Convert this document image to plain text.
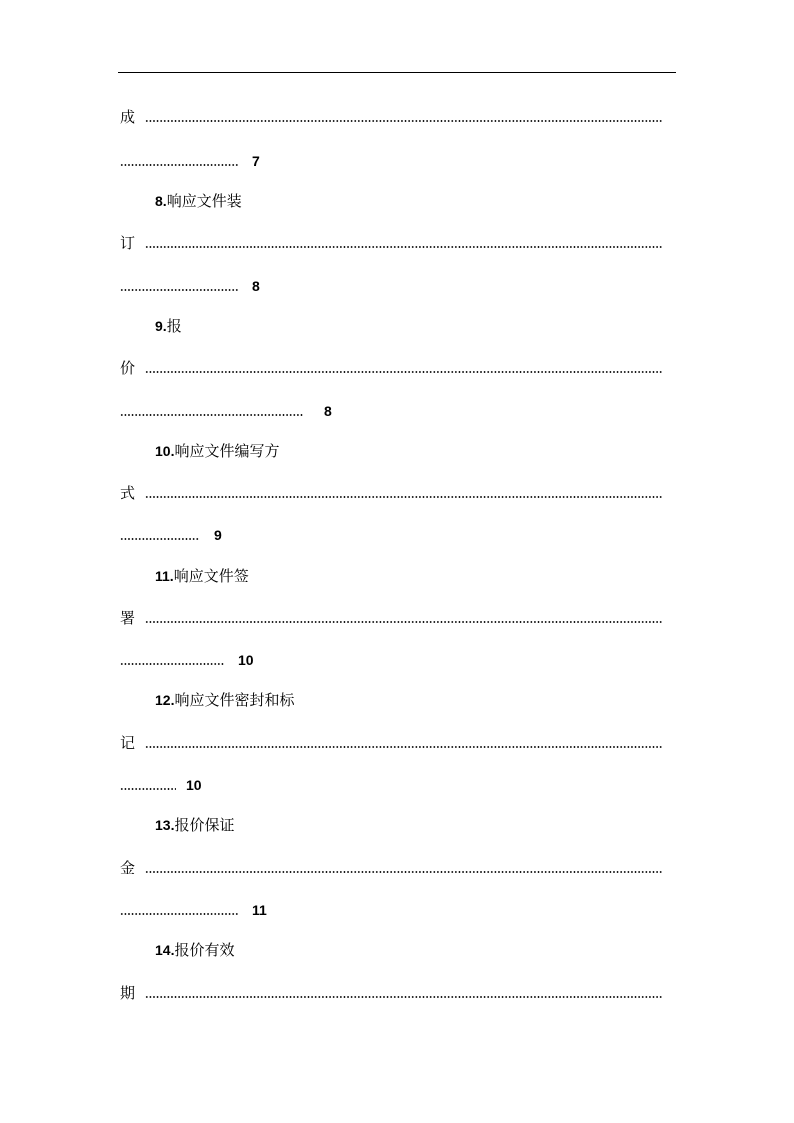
成
7
8. 响应文件装
订
8
9. 报
价
8
10. 响应文件编写方
式
9
11. 响应文件签
署
10
12. 响应文件密封和标
记
10
13. 报价保证
金
11
14. 报价有效
期
